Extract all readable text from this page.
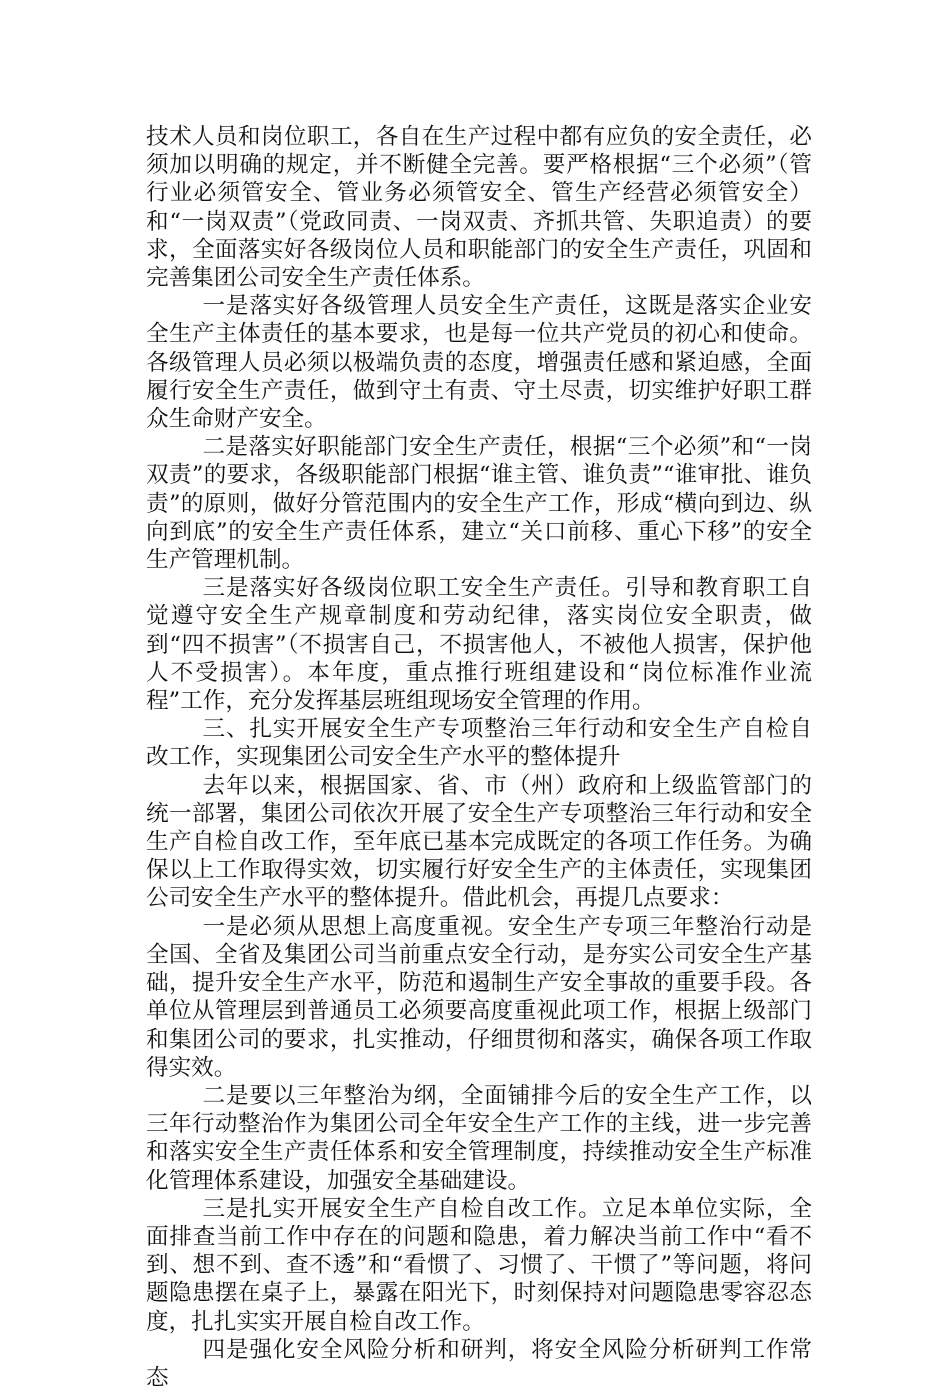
技术人员和岗位职工，各自在生产过程中都有应负的安全责任，必须加以明确的规定，并不断健全完善。要严格根据“三个必须”（管行业必须管安全、管业务必须管安全、管生产经营必须管安全）和“一岗双责”（党政同责、一岗双责、齐抓共管、失职追责）的要求，全面落实好各级岗位人员和职能部门的安全生产责任，巩固和完善集团公司安全生产责任体系。

一是落实好各级管理人员安全生产责任，这既是落实企业安全生产主体责任的基本要求，也是每一位共产党员的初心和使命。各级管理人员必须以极端负责的态度，增强责任感和紧迫感，全面履行安全生产责任，做到守土有责、守土尽责，切实维护好职工群众生命财产安全。

二是落实好职能部门安全生产责任，根据“三个必须”和“一岗双责”的要求，各级职能部门根据“谁主管、谁负责”“谁审批、谁负责”的原则，做好分管范围内的安全生产工作，形成“横向到边、纵向到底”的安全生产责任体系，建立“关口前移、重心下移”的安全生产管理机制。

三是落实好各级岗位职工安全生产责任。引导和教育职工自觉遵守安全生产规章制度和劳动纪律，落实岗位安全职责，做到“四不损害”（不损害自己，不损害他人，不被他人损害，保护他人不受损害）。本年度，重点推行班组建设和“岗位标准作业流程”工作，充分发挥基层班组现场安全管理的作用。

三、扎实开展安全生产专项整治三年行动和安全生产自检自改工作，实现集团公司安全生产水平的整体提升

去年以来，根据国家、省、市（州）政府和上级监管部门的统一部署，集团公司依次开展了安全生产专项整治三年行动和安全生产自检自改工作，至年底已基本完成既定的各项工作任务。为确保以上工作取得实效，切实履行好安全生产的主体责任，实现集团公司安全生产水平的整体提升。借此机会，再提几点要求：

一是必须从思想上高度重视。安全生产专项三年整治行动是全国、全省及集团公司当前重点安全行动，是夯实公司安全生产基础，提升安全生产水平，防范和遏制生产安全事故的重要手段。各单位从管理层到普通员工必须要高度重视此项工作，根据上级部门和集团公司的要求，扎实推动，仔细贯彻和落实，确保各项工作取得实效。

二是要以三年整治为纲，全面铺排今后的安全生产工作，以三年行动整治作为集团公司全年安全生产工作的主线，进一步完善和落实安全生产责任体系和安全管理制度，持续推动安全生产标准化管理体系建设，加强安全基础建设。

三是扎实开展安全生产自检自改工作。立足本单位实际，全面排查当前工作中存在的问题和隐患，着力解决当前工作中“看不到、想不到、查不透”和“看惯了、习惯了、干惯了”等问题，将问题隐患摆在桌子上，暴露在阳光下，时刻保持对问题隐患零容忍态度，扎扎实实开展自检自改工作。

四是强化安全风险分析和研判，将安全风险分析研判工作常态
